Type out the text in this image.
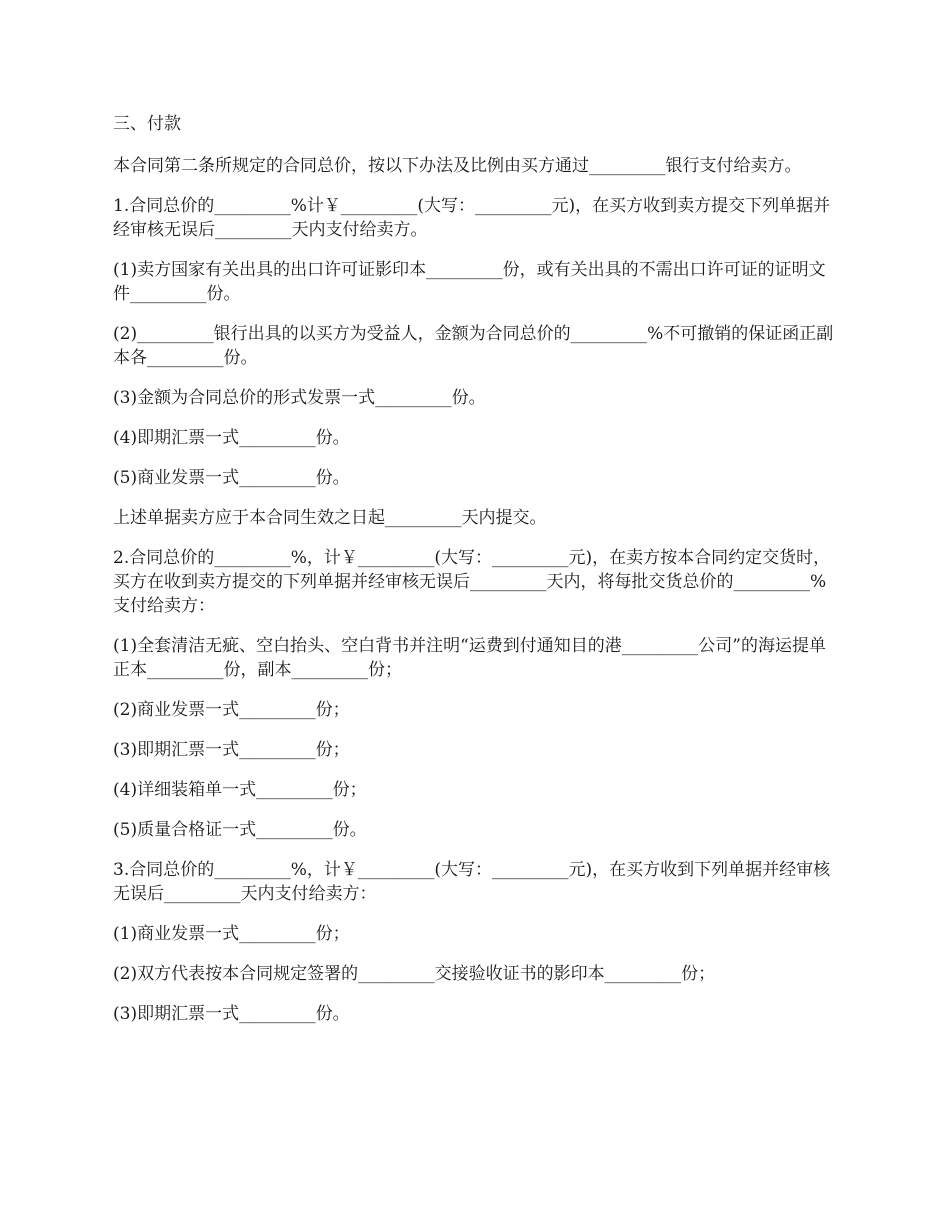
三、付款

本合同第二条所规定的合同总价，按以下办法及比例由买方通过_________银行支付给卖方。

1.合同总价的_________%计￥_________(大写：_________元)，在买方收到卖方提交下列单据并经审核无误后_________天内支付给卖方。

(1)卖方国家有关出具的出口许可证影印本_________份，或有关出具的不需出口许可证的证明文件_________份。

(2)_________银行出具的以买方为受益人，金额为合同总价的_________%不可撤销的保证函正副本各_________份。

(3)金额为合同总价的形式发票一式_________份。

(4)即期汇票一式_________份。

(5)商业发票一式_________份。

上述单据卖方应于本合同生效之日起_________天内提交。

2.合同总价的_________%，计￥_________(大写：_________元)，在卖方按本合同约定交货时，买方在收到卖方提交的下列单据并经审核无误后_________天内，将每批交货总价的_________%支付给卖方：

(1)全套清洁无疵、空白抬头、空白背书并注明“运费到付通知目的港_________公司”的海运提单正本_________份，副本_________份；

(2)商业发票一式_________份；

(3)即期汇票一式_________份；

(4)详细装箱单一式_________份；

(5)质量合格证一式_________份。

3.合同总价的_________%，计￥_________(大写：_________元)，在买方收到下列单据并经审核无误后_________天内支付给卖方：

(1)商业发票一式_________份；

(2)双方代表按本合同规定签署的_________交接验收证书的影印本_________份；

(3)即期汇票一式_________份。
